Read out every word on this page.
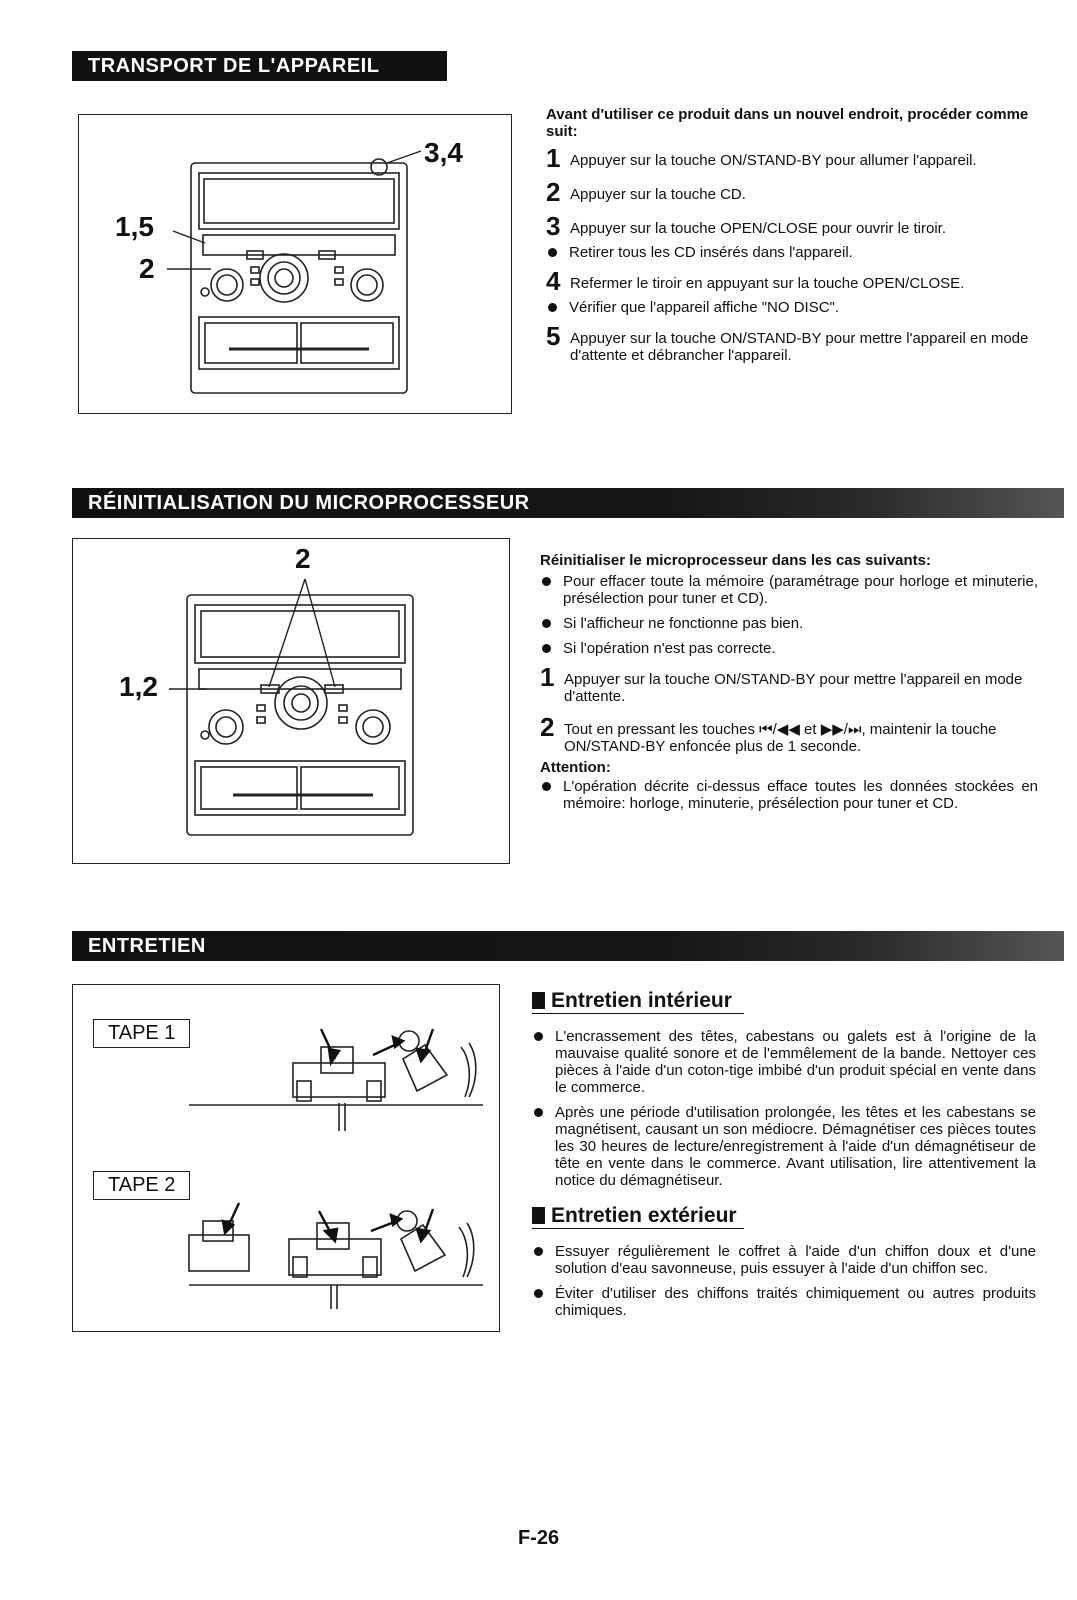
TRANSPORT DE L'APPAREIL
3,4
1,5
2
Avant d'utiliser ce produit dans un nouvel endroit, procéder comme suit:
1 Appuyer sur la touche ON/STAND-BY pour allumer l'appareil.
2 Appuyer sur la touche CD.
3 Appuyer sur la touche OPEN/CLOSE pour ouvrir le tiroir.
Retirer tous les CD insérés dans l'appareil.
4 Refermer le tiroir en appuyant sur la touche OPEN/CLOSE.
Vérifier que l'appareil affiche "NO DISC".
5 Appuyer sur la touche ON/STAND-BY pour mettre l'appareil en mode d'attente et débrancher l'appareil.
RÉINITIALISATION DU MICROPROCESSEUR
2
1,2
Réinitialiser le microprocesseur dans les cas suivants:
Pour effacer toute la mémoire (paramétrage pour horloge et minuterie, présélection pour tuner et CD).
Si l'afficheur ne fonctionne pas bien.
Si l'opération n'est pas correcte.
1 Appuyer sur la touche ON/STAND-BY pour mettre l'appareil en mode d'attente.
2 Tout en pressant les touches ⏮/◀◀ et ▶▶/⏭, maintenir la touche ON/STAND-BY enfoncée plus de 1 seconde.
Attention:
L'opération décrite ci-dessus efface toutes les données stockées en mémoire: horloge, minuterie, présélection pour tuner et CD.
ENTRETIEN
TAPE 1
TAPE 2
Entretien intérieur
L'encrassement des têtes, cabestans ou galets est à l'origine de la mauvaise qualité sonore et de l'emmêlement de la bande. Nettoyer ces pièces à l'aide d'un coton-tige imbibé d'un produit spécial en vente dans le commerce.
Après une période d'utilisation prolongée, les têtes et les cabestans se magnétisent, causant un son médiocre. Démagnétiser ces pièces toutes les 30 heures de lecture/enregistrement à l'aide d'un démagnétiseur de tête en vente dans le commerce. Avant utilisation, lire attentivement la notice du démagnétiseur.
Entretien extérieur
Essuyer régulièrement le coffret à l'aide d'un chiffon doux et d'une solution d'eau savonneuse, puis essuyer à l'aide d'un chiffon sec.
Éviter d'utiliser des chiffons traités chimiquement ou autres produits chimiques.
F-26
